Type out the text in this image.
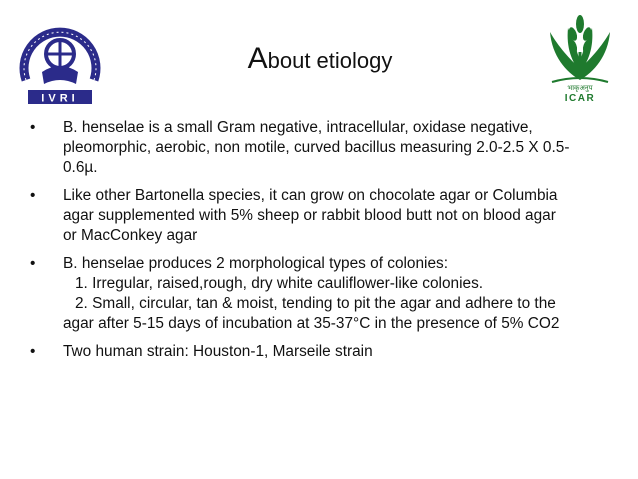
IVRI
About etiology
भाकृअनुप
ICAR
•	B. henselae is a small Gram negative, intracellular, oxidase negative,
pleomorphic, aerobic, non motile, curved bacillus measuring 2.0-2.5 X 0.5-
0.6µ.
•	Like other Bartonella species, it can grow on chocolate agar or Columbia
agar supplemented with 5% sheep or rabbit blood butt not on blood agar
or MacConkey agar
•	B. henselae produces 2 morphological types of colonies:
1. Irregular, raised,rough, dry white cauliflower-like colonies.
2. Small, circular, tan & moist, tending to pit the agar and adhere to the
agar after 5-15 days of incubation at 35-37°C in the presence of 5% CO2
•	Two human strain: Houston-1, Marseile strain
